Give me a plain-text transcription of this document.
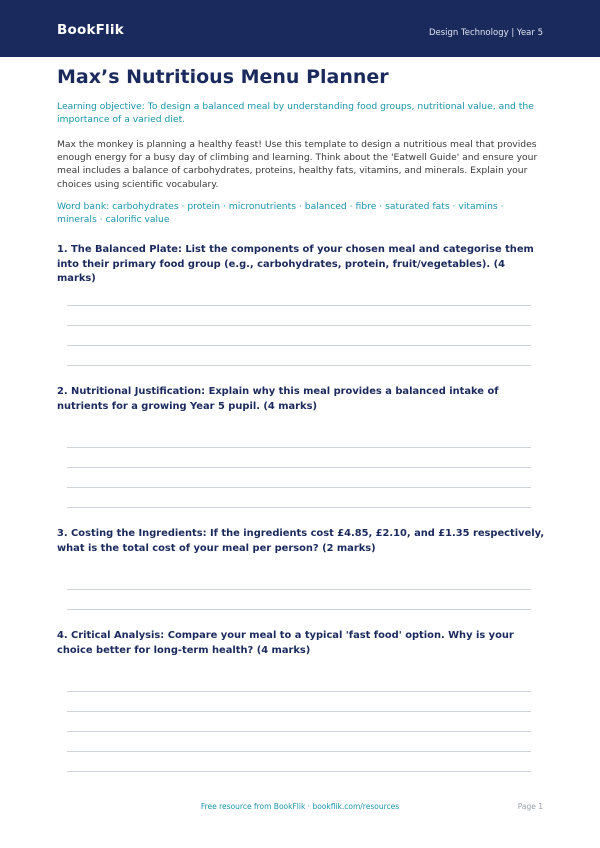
BookFlik	Design Technology | Year 5
Max’s Nutritious Menu Planner
Learning objective: To design a balanced meal by understanding food groups, nutritional value, and the importance of a varied diet.
Max the monkey is planning a healthy feast! Use this template to design a nutritious meal that provides enough energy for a busy day of climbing and learning. Think about the 'Eatwell Guide' and ensure your meal includes a balance of carbohydrates, proteins, healthy fats, vitamins, and minerals. Explain your choices using scientific vocabulary.
Word bank: carbohydrates · protein · micronutrients · balanced · fibre · saturated fats · vitamins · minerals · calorific value
1. The Balanced Plate: List the components of your chosen meal and categorise them into their primary food group (e.g., carbohydrates, protein, fruit/vegetables). (4 marks)
2. Nutritional Justification: Explain why this meal provides a balanced intake of nutrients for a growing Year 5 pupil. (4 marks)
3. Costing the Ingredients: If the ingredients cost £4.85, £2.10, and £1.35 respectively, what is the total cost of your meal per person? (2 marks)
4. Critical Analysis: Compare your meal to a typical 'fast food' option. Why is your choice better for long-term health? (4 marks)
Free resource from BookFlik · bookflik.com/resources	Page 1
